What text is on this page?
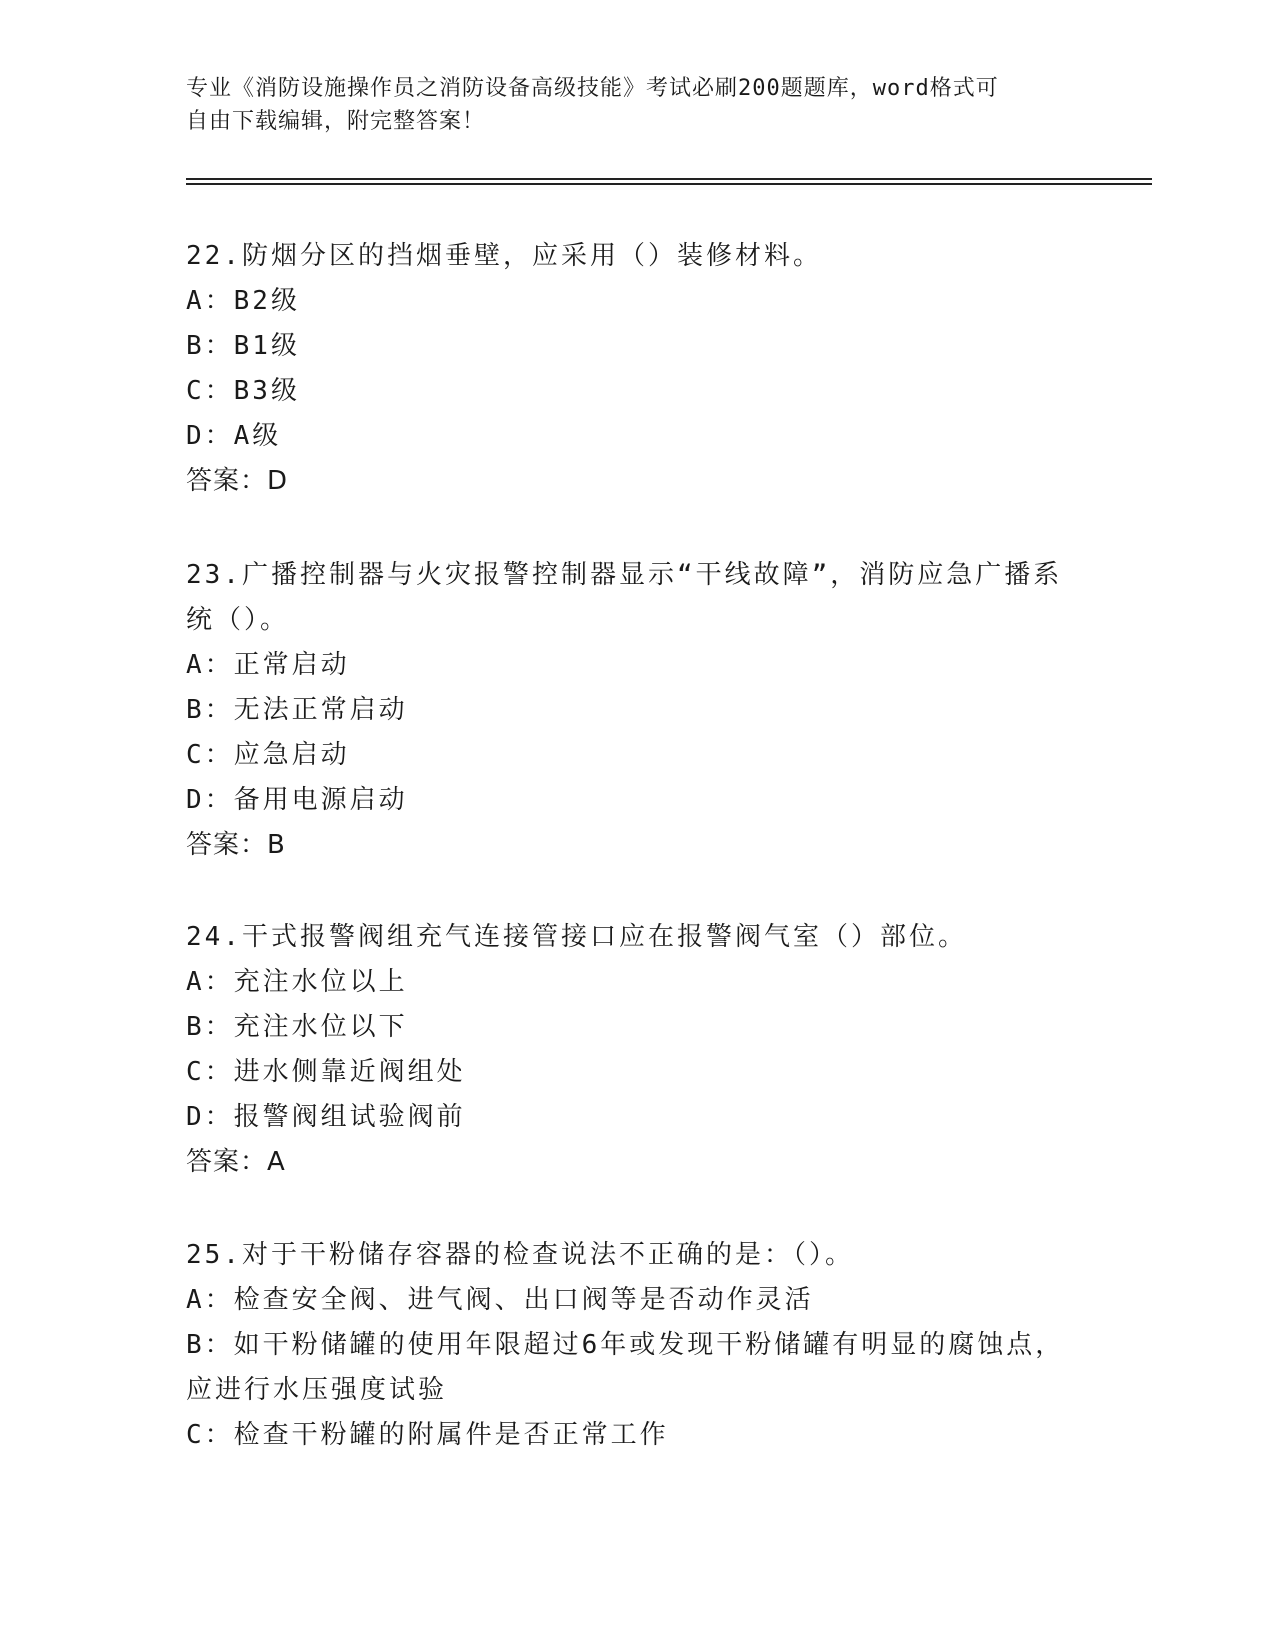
专业《消防设施操作员之消防设备高级技能》考试必刷200题题库，word格式可
自由下载编辑，附完整答案！
22.防烟分区的挡烟垂壁，应采用（）装修材料。
A：B2级
B：B1级
C：B3级
D：A级
答案：D
23.广播控制器与火灾报警控制器显示“干线故障”，消防应急广播系
统（）。
A：正常启动
B：无法正常启动
C：应急启动
D：备用电源启动
答案：B
24.干式报警阀组充气连接管接口应在报警阀气室（）部位。
A：充注水位以上
B：充注水位以下
C：进水侧靠近阀组处
D：报警阀组试验阀前
答案：A
25.对于干粉储存容器的检查说法不正确的是：（）。
A：检查安全阀、进气阀、出口阀等是否动作灵活
B：如干粉储罐的使用年限超过6年或发现干粉储罐有明显的腐蚀点，
应进行水压强度试验
C：检查干粉罐的附属件是否正常工作
